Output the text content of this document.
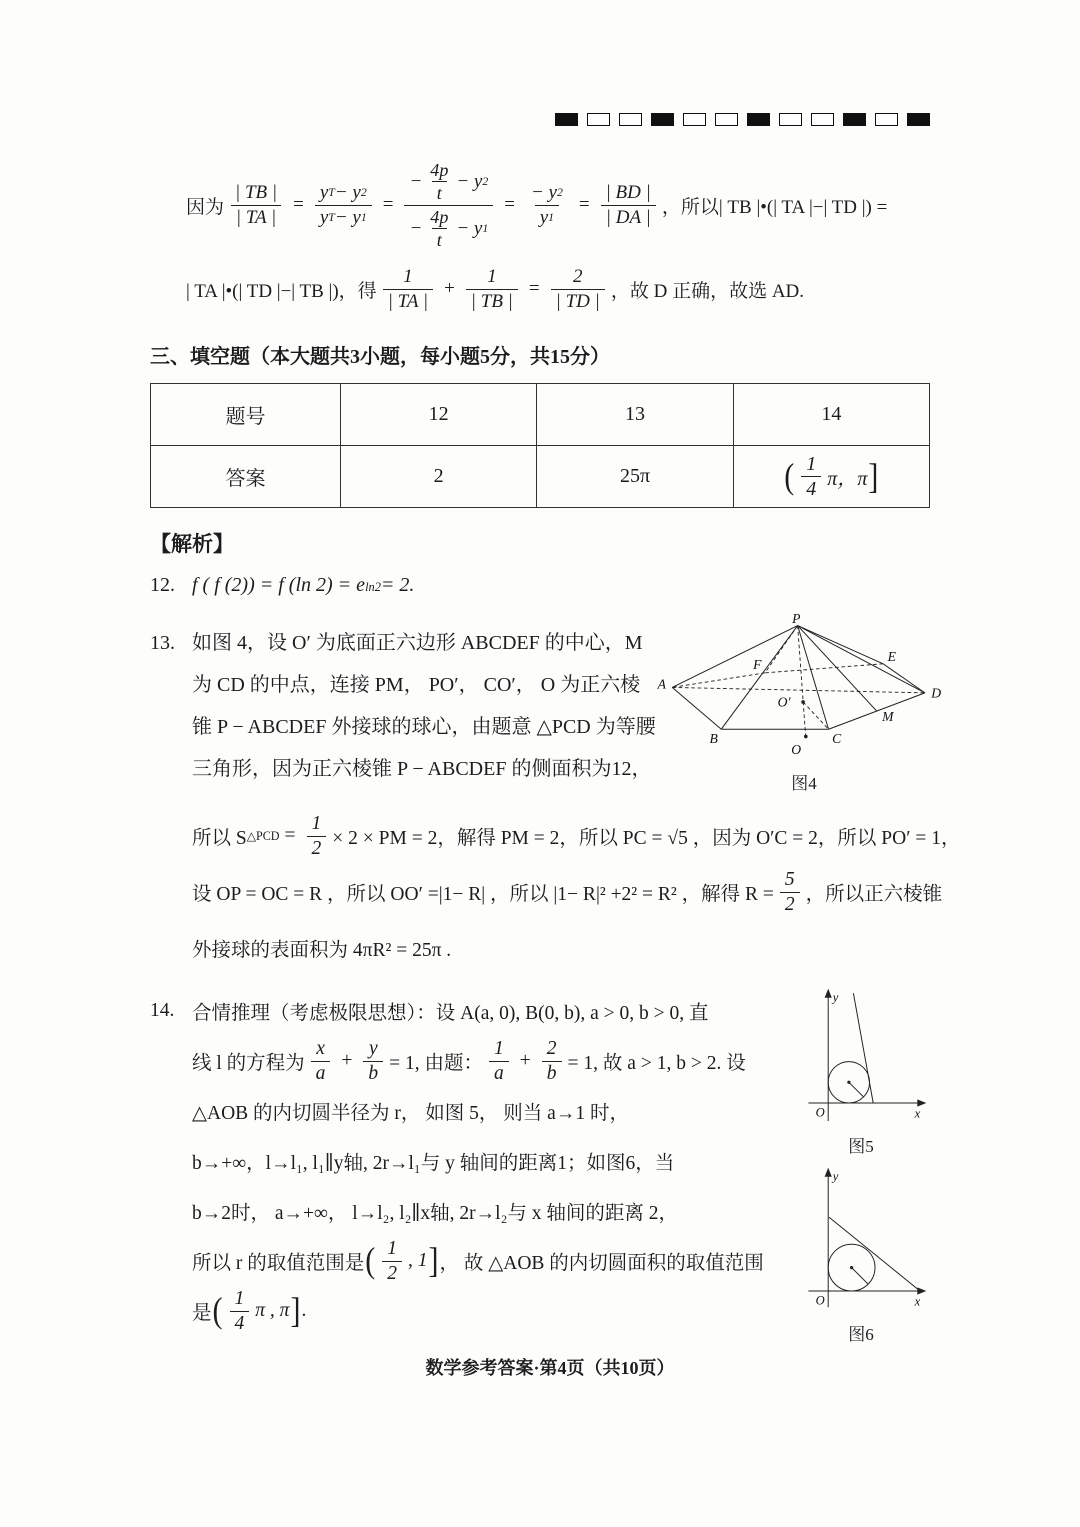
因为 $\frac{| TB |}{| TA |} = \frac{\text{y T − y 2}}{\text{y T − y 1}} = \frac{- \frac{4p}{t} - y 2}{- \frac{4p}{t} - y 1} = \frac{- y 2}{y 1} = \frac{| BD |}{| DA |}$ ，所以| TB |•(| TA |−| TD |) =
| TA |•(| TD |−| TB |)，得 $\frac{1}{| TA |} + \frac{1}{| TB |} = \frac{2}{| TD |}$ ，故 D 正确，故选 AD.
三、填空题（本大题共3小题，每小题5分，共15分）
题号	12	13	14
答案	2	25π	( $\frac{1}{4}$ π，π ]
【解析】
12. f ( f (2)) = f (ln 2) = e ln2 = 2.
13. 如图 4，设 O′ 为底面正六边形 ABCDEF 的中心，M
为 CD 的中点，连接 PM， PO′， CO′， O 为正六棱
锥 P − ABCDEF 外接球的球心，由题意 △PCD 为等腰
三角形，因为正六棱锥 P − ABCDEF 的侧面积为12，
P
E
F
A
D
B	C
M
O′
O
图4
所以 S △PCD = $\frac{1}{2} \times 2$ × PM = 2，解得 PM = 2，所以 PC = √5 ，因为 O′C = 2，所以 PO′ = 1，
设 OP = OC = R ，所以 OO′ =|1− R| ，所以 |1− R|² +2² = R² ，解得 $R = \frac{5}{2}$ ，所以正六棱锥
外接球的表面积为 4πR² = 25π .
14. 合情推理（考虑极限思想）：设 A(a, 0), B(0, b), a > 0, b > 0, 直
线 l 的方程为 $\frac{x}{a} + \frac{y}{b} = 1$, 由题： $\frac{1}{a} + \frac{2}{b} = 1$, 故 a > 1, b > 2. 设
△AOB 的内切圆半径为 r， 如图 5， 则当 a→1 时，
b→+∞，l→l₁, l₁∥y轴, 2r→l₁与 y 轴间的距离1；如图6，当
b→2时， a→+∞， l→l₂, l₂∥x轴, 2r→l₂与 x 轴间的距离 2，
所以 r 的取值范围是 ( $\frac{1}{2}$ , 1 ] ， 故 △AOB 的内切圆面积的取值范围
是 ( $\frac{1}{4}$ π , π ] .
y
x
O
图5
y
x
O
图6
数学参考答案·第4页（共10页）
